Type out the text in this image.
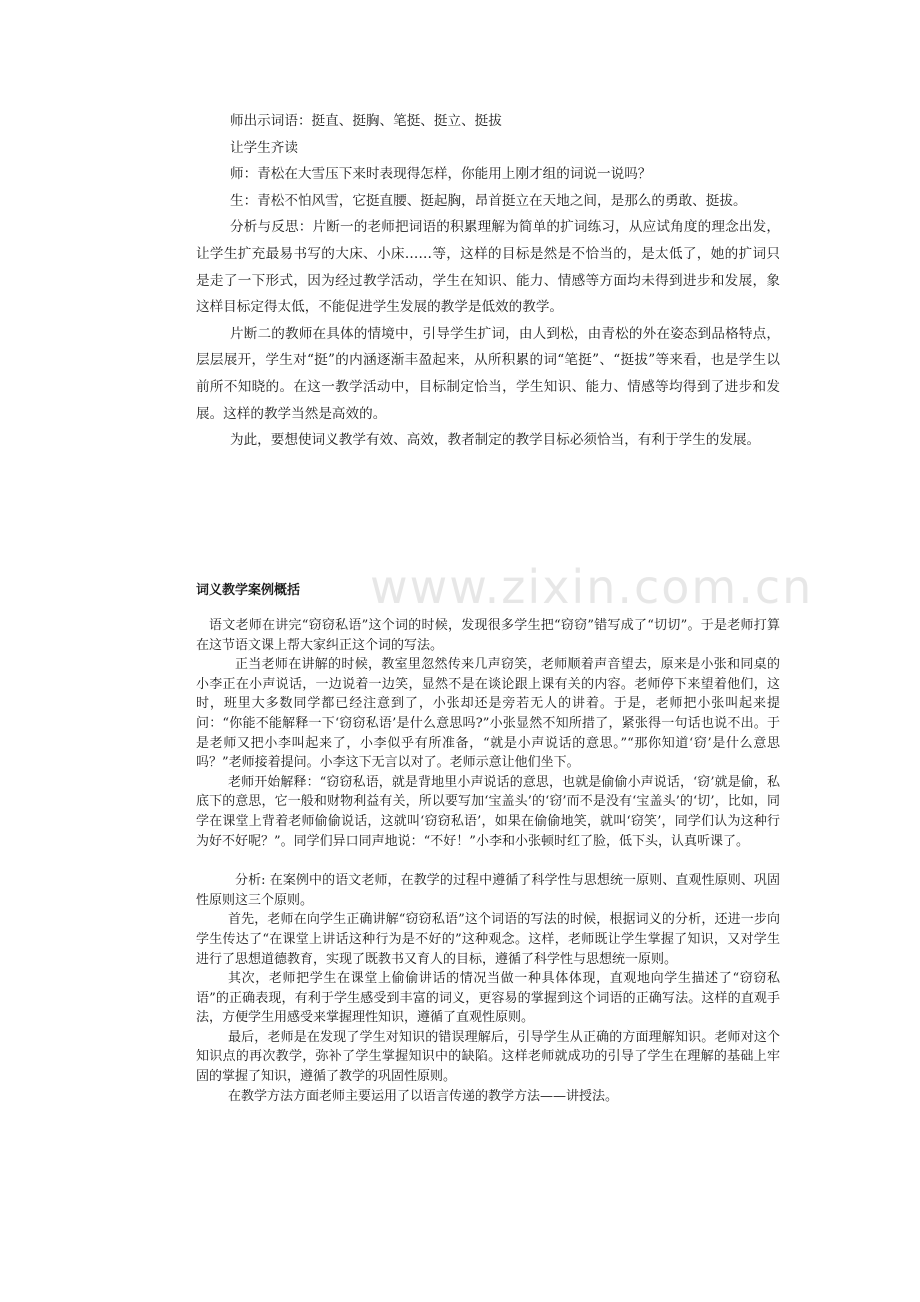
师出示词语：挺直、挺胸、笔挺、挺立、挺拔

让学生齐读

师：青松在大雪压下来时表现得怎样，你能用上刚才组的词说一说吗？

生：青松不怕风雪，它挺直腰、挺起胸，昂首挺立在天地之间，是那么的勇敢、挺拔。

分析与反思：片断一的老师把词语的积累理解为简单的扩词练习，从应试角度的理念出发，让学生扩充最易书写的大床、小床……等，这样的目标是然是不恰当的，是太低了，她的扩词只是走了一下形式，因为经过教学活动，学生在知识、能力、情感等方面均未得到进步和发展，象这样目标定得太低，不能促进学生发展的教学是低效的教学。

片断二的教师在具体的情境中，引导学生扩词，由人到松，由青松的外在姿态到品格特点，层层展开，学生对“挺”的内涵逐渐丰盈起来，从所积累的词“笔挺”、“挺拔”等来看，也是学生以前所不知晓的。在这一教学活动中，目标制定恰当，学生知识、能力、情感等均得到了进步和发展。这样的教学当然是高效的。

为此，要想使词义教学有效、高效，教者制定的教学目标必须恰当，有利于学生的发展。

词义教学案例概括

语文老师在讲完“窃窃私语”这个词的时候，发现很多学生把“窃窃”错写成了“切切”。于是老师打算在这节语文课上帮大家纠正这个词的写法。

正当老师在讲解的时候，教室里忽然传来几声窃笑，老师顺着声音望去，原来是小张和同桌的小李正在小声说话，一边说着一边笑，显然不是在谈论跟上课有关的内容。老师停下来望着他们，这时，班里大多数同学都已经注意到了，小张却还是旁若无人的讲着。于是，老师把小张叫起来提问：“你能不能解释一下‘窃窃私语’是什么意思吗?”小张显然不知所措了，紧张得一句话也说不出。于是老师又把小李叫起来了，小李似乎有所准备，“就是小声说话的意思。”“那你知道‘窃’是什么意思吗？”老师接着提问。小李这下无言以对了。老师示意让他们坐下。

老师开始解释：“窃窃私语，就是背地里小声说话的意思，也就是偷偷小声说话，‘窃’就是偷，私底下的意思，它一般和财物利益有关，所以要写加‘宝盖头’的‘窃’而不是没有‘宝盖头’的‘切’，比如，同学在课堂上背着老师偷偷说话，这就叫‘窃窃私语’，如果在偷偷地笑，就叫‘窃笑’，同学们认为这种行为好不好呢？”。同学们异口同声地说：“不好！”小李和小张顿时红了脸，低下头，认真听课了。

分析: 在案例中的语文老师，在教学的过程中遵循了科学性与思想统一原则、直观性原则、巩固性原则这三个原则。

首先，老师在向学生正确讲解“窃窃私语”这个词语的写法的时候，根据词义的分析，还进一步向学生传达了“在课堂上讲话这种行为是不好的”这种观念。这样，老师既让学生掌握了知识，又对学生进行了思想道德教育，实现了既教书又育人的目标，遵循了科学性与思想统一原则。

其次，老师把学生在课堂上偷偷讲话的情况当做一种具体体现，直观地向学生描述了“窃窃私语”的正确表现，有利于学生感受到丰富的词义，更容易的掌握到这个词语的正确写法。这样的直观手法，方便学生用感受来掌握理性知识，遵循了直观性原则。

最后，老师是在发现了学生对知识的错误理解后，引导学生从正确的方面理解知识。老师对这个知识点的再次教学，弥补了学生掌握知识中的缺陷。这样老师就成功的引导了学生在理解的基础上牢固的掌握了知识，遵循了教学的巩固性原则。

在教学方法方面老师主要运用了以语言传递的教学方法——讲授法。

www.zixin.com.cn
